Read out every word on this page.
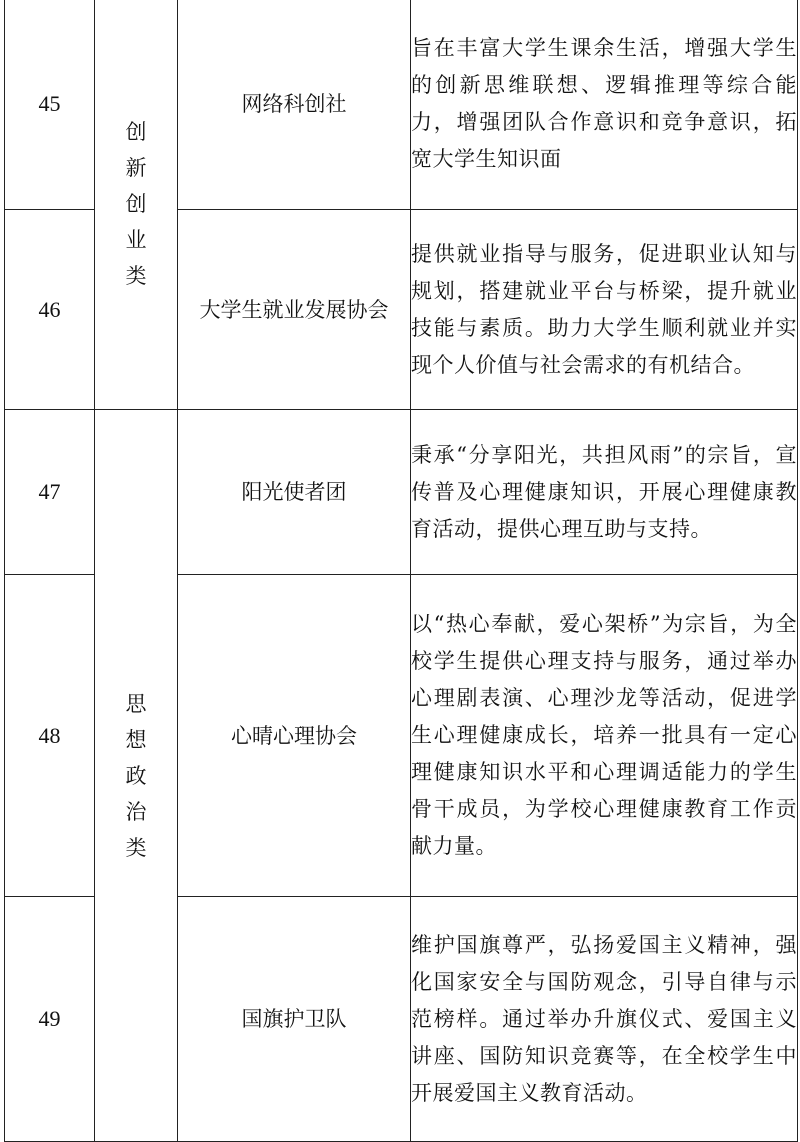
45	创新创业类	网络科创社	旨在丰富大学生课余生活，增强大学生的创新思维联想、逻辑推理等综合能力，增强团队合作意识和竞争意识，拓宽大学生知识面
46		大学生就业发展协会	提供就业指导与服务，促进职业认知与规划，搭建就业平台与桥梁，提升就业技能与素质。助力大学生顺利就业并实现个人价值与社会需求的有机结合。
47	思想政治类	阳光使者团	秉承“分享阳光，共担风雨”的宗旨，宣传普及心理健康知识，开展心理健康教育活动，提供心理互助与支持。
48		心晴心理协会	以“热心奉献，爱心架桥”为宗旨，为全校学生提供心理支持与服务，通过举办心理剧表演、心理沙龙等活动，促进学生心理健康成长，培养一批具有一定心理健康知识水平和心理调适能力的学生骨干成员，为学校心理健康教育工作贡献力量。
49		国旗护卫队	维护国旗尊严，弘扬爱国主义精神，强化国家安全与国防观念，引导自律与示范榜样。通过举办升旗仪式、爱国主义讲座、国防知识竞赛等，在全校学生中开展爱国主义教育活动。
